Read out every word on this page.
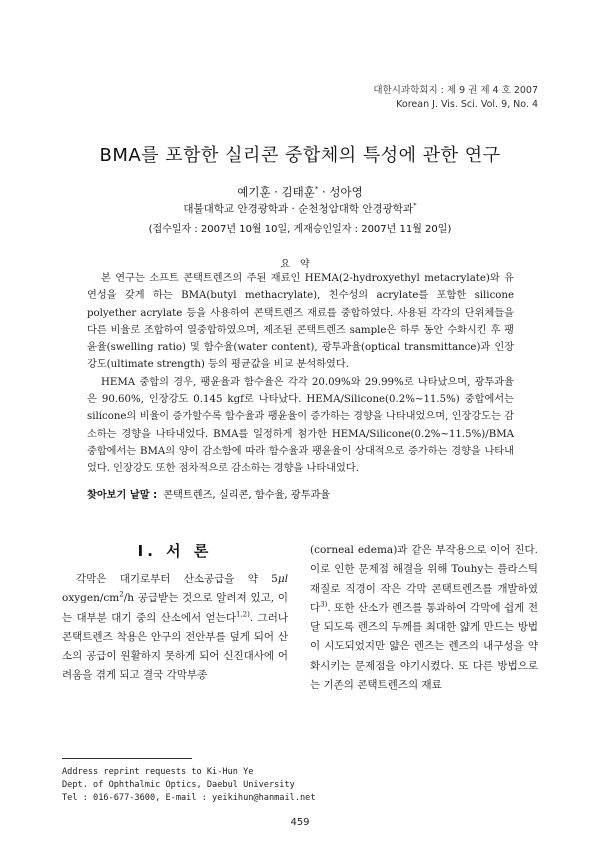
대한시과학회지 : 제 9 권 제 4 호 2007
Korean J. Vis. Sci. Vol. 9, No. 4
BMA를 포함한 실리콘 중합체의 특성에 관한 연구
예기훈 · 김태훈* · 성아영
대불대학교 안경광학과 · 순천청암대학 안경광학과*
(접수일자 : 2007년 10월 10일, 게재승인일자 : 2007년 11월 20일)
요약

본 연구는 소프트 콘택트렌즈의 주된 재료인 HEMA(2-hydroxyethyl metacrylate)와 유연성을 갖게 하는 BMA(butyl methacrylate), 친수성의 acrylate를 포함한 silicone polyether acrylate 등을 사용하여 콘택트렌즈 재료를 중합하였다. 사용된 각각의 단위체들을 다른 비율로 조합하여 열중합하였으며, 제조된 콘택트렌즈 sample은 하루 동안 수화시킨 후 팽윤율(swelling ratio) 및 함수율(water content), 광투과율(optical transmittance)과 인장강도(ultimate strength) 등의 평균값을 비교 분석하였다.

HEMA 중합의 경우, 팽윤율과 함수율은 각각 20.09%와 29.99%로 나타났으며, 광투과율은 90.60%, 인장강도 0.145 kgf로 나타났다. HEMA/Silicone(0.2%∼11.5%) 중합에서는 silicone의 비율이 증가할수록 함수율과 팽윤율이 증가하는 경향을 나타내었으며, 인장강도는 감소하는 경향을 나타내었다. BMA를 일정하게 첨가한 HEMA/Silicone(0.2%∼11.5%)/BMA 중합에서는 BMA의 양이 감소함에 따라 함수율과 팽윤율이 상대적으로 증가하는 경향을 나타내었다. 인장강도 또한 점차적으로 감소하는 경향을 나타내었다.

찾아보기 낱말 : 콘택트렌즈, 실리콘, 함수율, 광투과율
I. 서 론

각막은 대기로부터 산소공급을 약 5μl oxygen/$cm^2/h$ 공급받는 것으로 알려져 있고, 이는 대부분 대기 중의 산소에서 얻는다$^{1,2)}$. 그러나 콘택트렌즈 착용은 안구의 전안부를 덮게 되어 산소의 공급이 원활하지 못하게 되어 신진대사에 어려움을 겪게 되고 결국 각막부종

(corneal edema)과 같은 부작용으로 이어 진다. 이로 인한 문제점 해결을 위해 Touhy는 플라스틱 재질로 직경이 작은 각막 콘택트렌즈를 개발하였다$^{3)}$. 또한 산소가 렌즈를 통과하여 각막에 쉽게 전달 되도록 렌즈의 두께를 최대한 얇게 만드는 방법이 시도되었지만 얇은 렌즈는 렌즈의 내구성을 약화시키는 문제점을 야기시켰다. 또 다른 방법으로는 기존의 콘택트렌즈의 재료

Address reprint requests to Ki-Hun Ye
Dept. of Ophthalmic Optics, Daebul University
Tel : 016-677-3600, E-mail : yeikihun@hanmail.net
459
